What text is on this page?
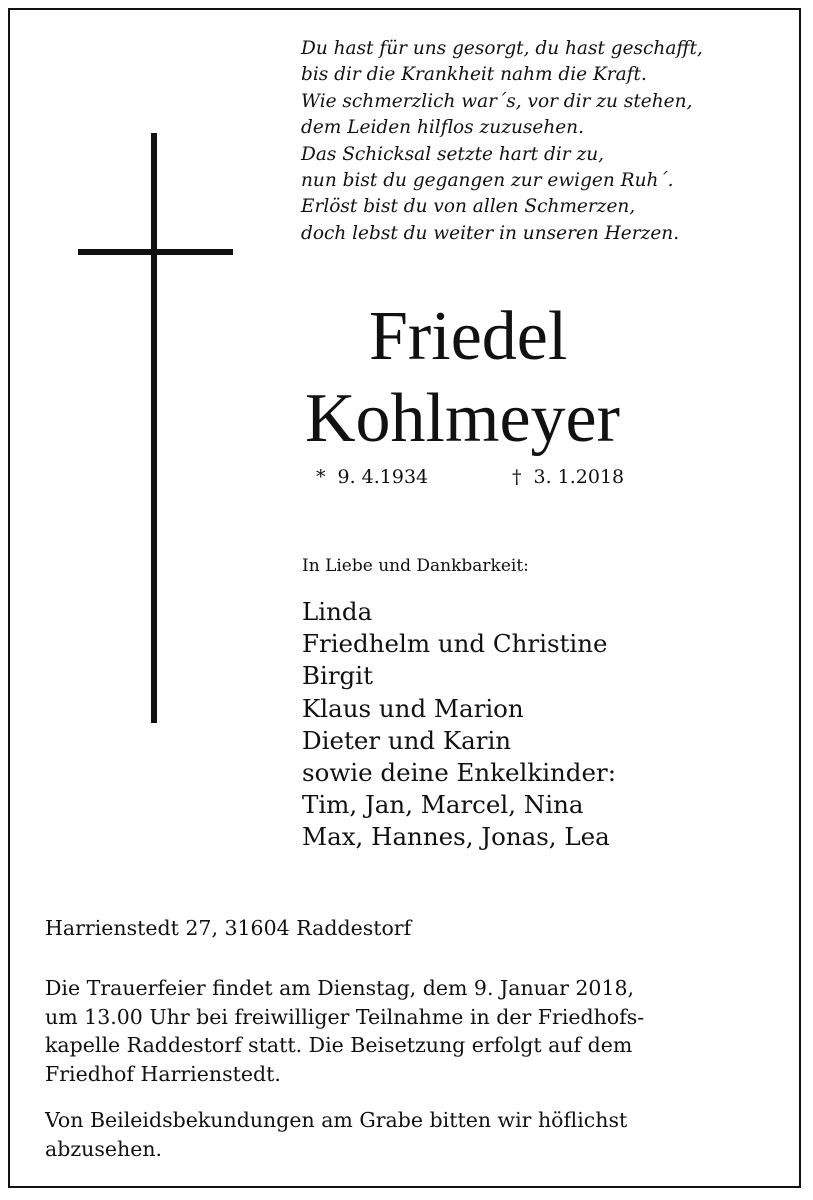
Du hast für uns gesorgt, du hast geschafft,
bis dir die Krankheit nahm die Kraft.
Wie schmerzlich war´s, vor dir zu stehen,
dem Leiden hilflos zuzusehen.
Das Schicksal setzte hart dir zu,
nun bist du gegangen zur ewigen Ruh´.
Erlöst bist du von allen Schmerzen,
doch lebst du weiter in unseren Herzen.
Friedel
Kohlmeyer
* 9. 4.1934	† 3. 1.2018
In Liebe und Dankbarkeit:
Linda
Friedhelm und Christine
Birgit
Klaus und Marion
Dieter und Karin
sowie deine Enkelkinder:
Tim, Jan, Marcel, Nina
Max, Hannes, Jonas, Lea
Harrienstedt 27, 31604 Raddestorf
Die Trauerfeier findet am Dienstag, dem 9. Januar 2018,
um 13.00 Uhr bei freiwilliger Teilnahme in der Friedhofs-
kapelle Raddestorf statt. Die Beisetzung erfolgt auf dem
Friedhof Harrienstedt.
Von Beileidsbekundungen am Grabe bitten wir höflichst
abzusehen.
